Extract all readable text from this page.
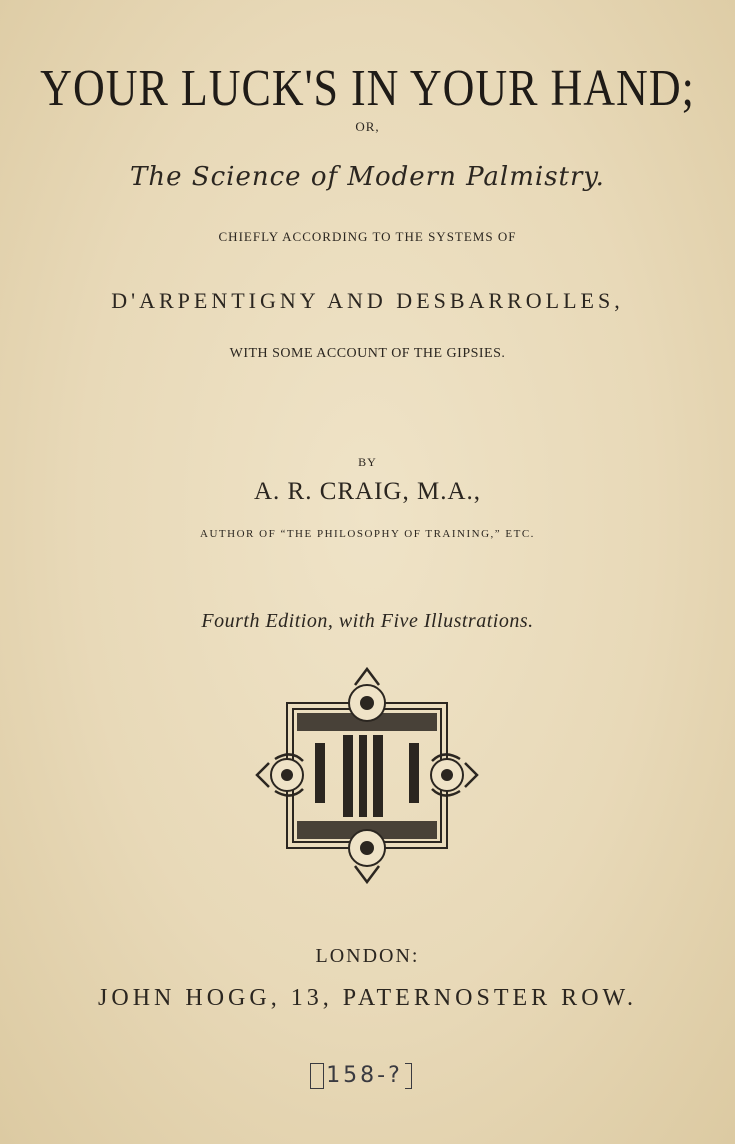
YOUR LUCK'S IN YOUR HAND;
OR,
The Science of Modern Palmistry.
CHIEFLY ACCORDING TO THE SYSTEMS OF
D'ARPENTIGNY AND DESBARROLLES,
WITH SOME ACCOUNT OF THE GIPSIES.
BY
A. R. CRAIG, M.A.,
AUTHOR OF “THE PHILOSOPHY OF TRAINING,” ETC.
Fourth Edition, with Five Illustrations.
LONDON:
JOHN HOGG, 13, PATERNOSTER ROW.
158-?
